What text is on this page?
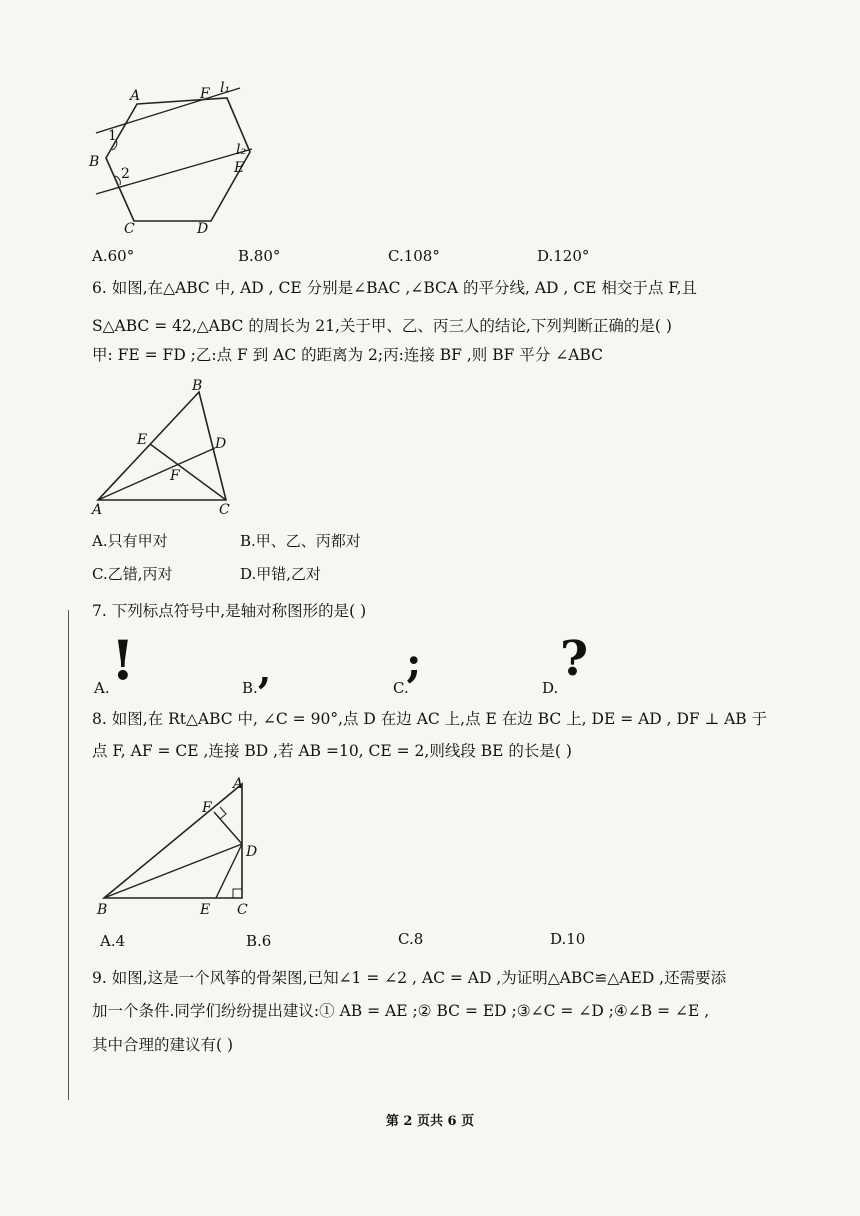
A	F l₁
1
B
2
l₂
E
C	D
A.60°	B.80°	C.108°	D.120°
6. 如图,在△ABC 中, AD , CE 分别是∠BAC ,∠BCA 的平分线, AD , CE 相交于点 F,且
S△ABC = 42,△ABC 的周长为 21,关于甲、乙、丙三人的结论,下列判断正确的是( )
甲: FE = FD ;乙:点 F 到 AC 的距离为 2;丙:连接 BF ,则 BF 平分 ∠ABC
B
E	D
F
A	C
A.只有甲对	B.甲、乙、丙都对
C.乙错,丙对	D.甲错,乙对
7. 下列标点符号中,是轴对称图形的是( )
A. !	B. ,	C.
;
D.
?
8. 如图,在 Rt△ABC 中, ∠C = 90°,点 D 在边 AC 上,点 E 在边 BC 上, DE = AD , DF ⊥ AB 于
点 F, AF = CE ,连接 BD ,若 AB =10, CE = 2,则线段 BE 的长是( )
A
F
D
B	E C
A.4	B.6	C.8	D.10
9. 如图,这是一个风筝的骨架图,已知∠1 = ∠2 , AC = AD ,为证明△ABC≌△AED ,还需要添
加一个条件.同学们纷纷提出建议:① AB = AE ;② BC = ED ;③∠C = ∠D ;④∠B = ∠E ,
其中合理的建议有( )
第 2 页共 6 页
